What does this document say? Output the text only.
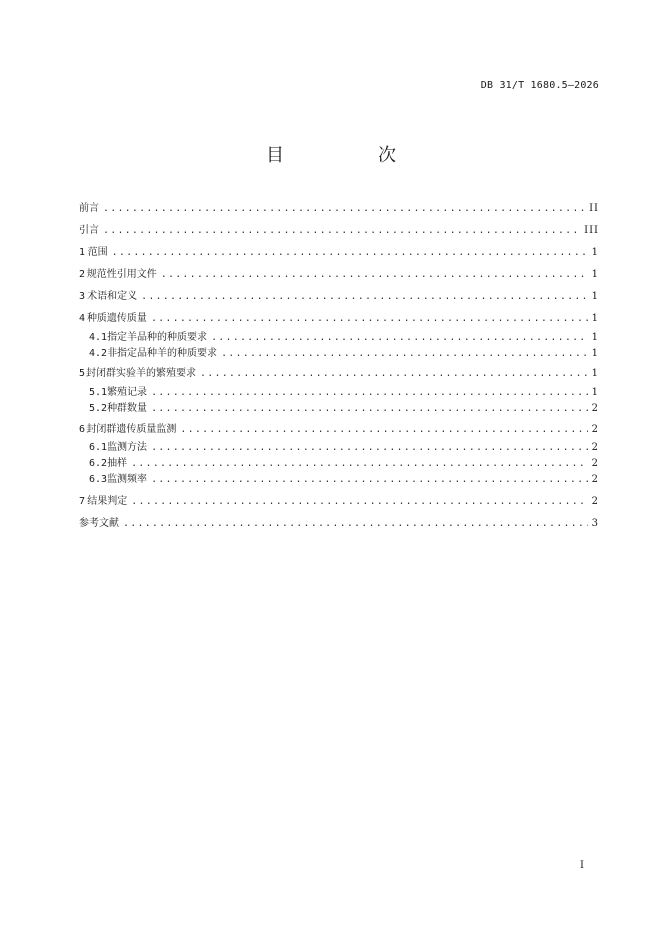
DB 31/T 1680.5—2026
目　次
前言 .....	II
引言 .....	III
1 范围 .....	1
2 规范性引用文件 .....	1
3 术语和定义 .....	1
4 种质遗传质量 .....	1
4.1 指定羊品种的种质要求 .....	1
4.2 非指定品种羊的种质要求 .....	1
5 封闭群实验羊的繁殖要求 .....	1
5.1 繁殖记录 .....	1
5.2 种群数量 .....	2
6 封闭群遗传质量监测 .....	2
6.1 监测方法 .....	2
6.2 抽样 .....	2
6.3 监测频率 .....	2
7 结果判定 .....	2
参考文献 .....	3
I
